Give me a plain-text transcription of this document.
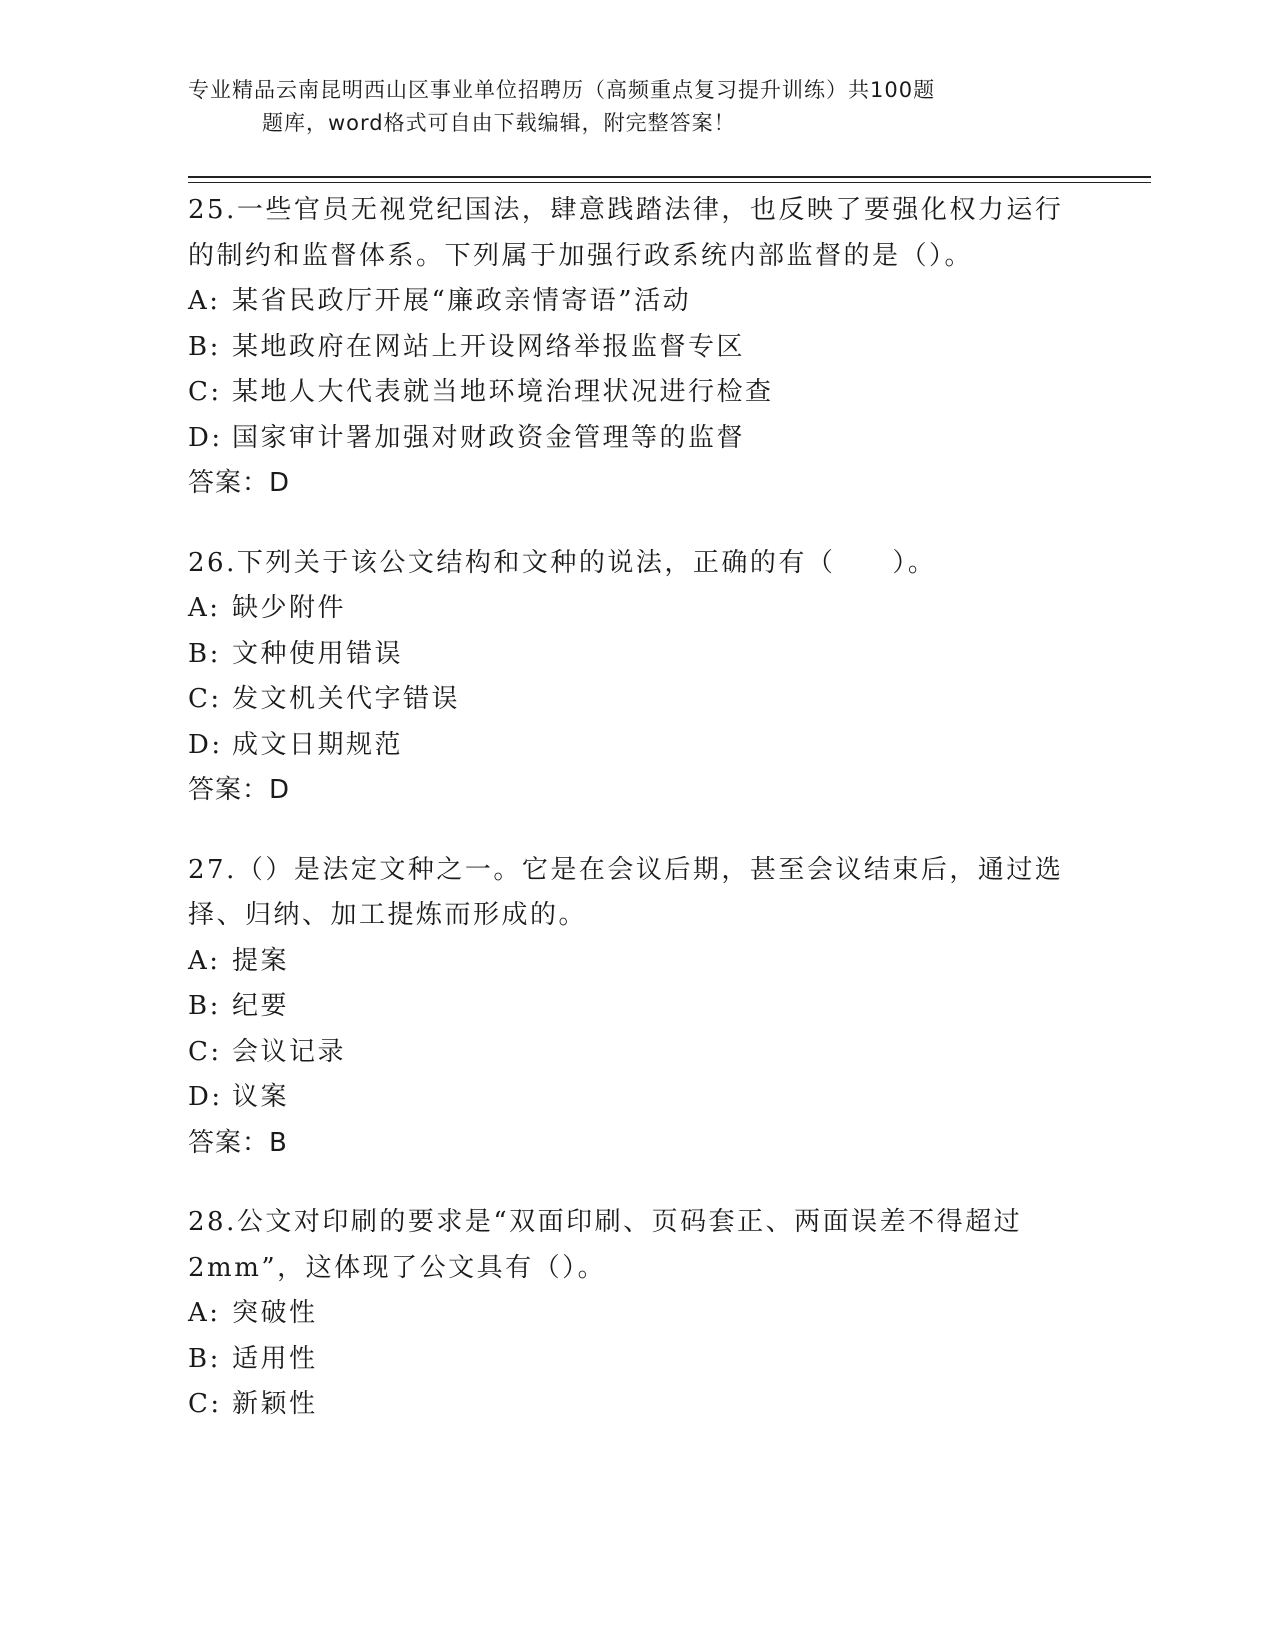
专业精品云南昆明西山区事业单位招聘历（高频重点复习提升训练）共100题
题库，word格式可自由下载编辑，附完整答案！
25.一些官员无视党纪国法，肆意践踏法律，也反映了要强化权力运行的制约和监督体系。下列属于加强行政系统内部监督的是（）。
A: 某省民政厅开展“廉政亲情寄语”活动
B: 某地政府在网站上开设网络举报监督专区
C: 某地人大代表就当地环境治理状况进行检查
D: 国家审计署加强对财政资金管理等的监督
答案：D
26.下列关于该公文结构和文种的说法，正确的有（　　）。
A: 缺少附件
B: 文种使用错误
C: 发文机关代字错误
D: 成文日期规范
答案：D
27.（）是法定文种之一。它是在会议后期，甚至会议结束后，通过选择、归纳、加工提炼而形成的。
A: 提案
B: 纪要
C: 会议记录
D: 议案
答案：B
28.公文对印刷的要求是“双面印刷、页码套正、两面误差不得超过2mm”，这体现了公文具有（）。
A: 突破性
B: 适用性
C: 新颖性
